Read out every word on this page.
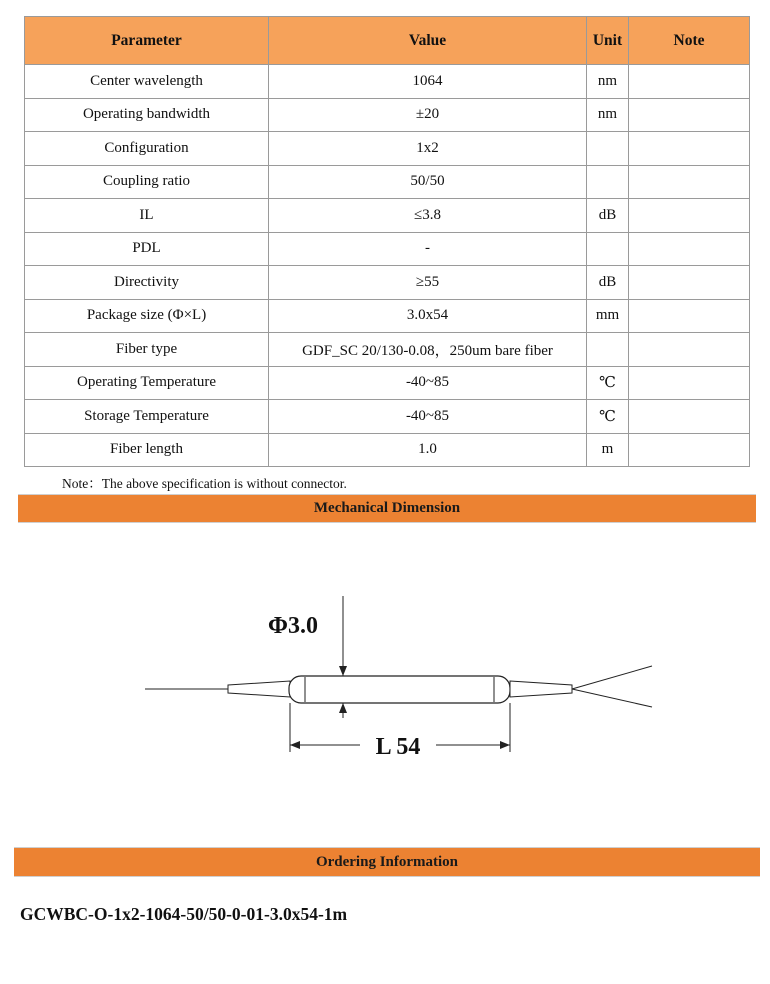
Parameter	Value	Unit	Note
Center wavelength	1064	nm	
Operating bandwidth	±20	nm	
Configuration	1x2		
Coupling ratio	50/50		
IL	≤3.8	dB	
PDL	-		
Directivity	≥55	dB	
Package size (Φ×L)	3.0x54	mm	
Fiber type	GDF_SC 20/130-0.08，250um bare fiber		
Operating Temperature	-40~85	℃	
Storage Temperature	-40~85	℃	
Fiber length	1.0	m	
Note：The above specification is without connector.
Mechanical Dimension
Φ3.0
L 54
Ordering Information
GCWBC-O-1x2-1064-50/50-0-01-3.0x54-1m
